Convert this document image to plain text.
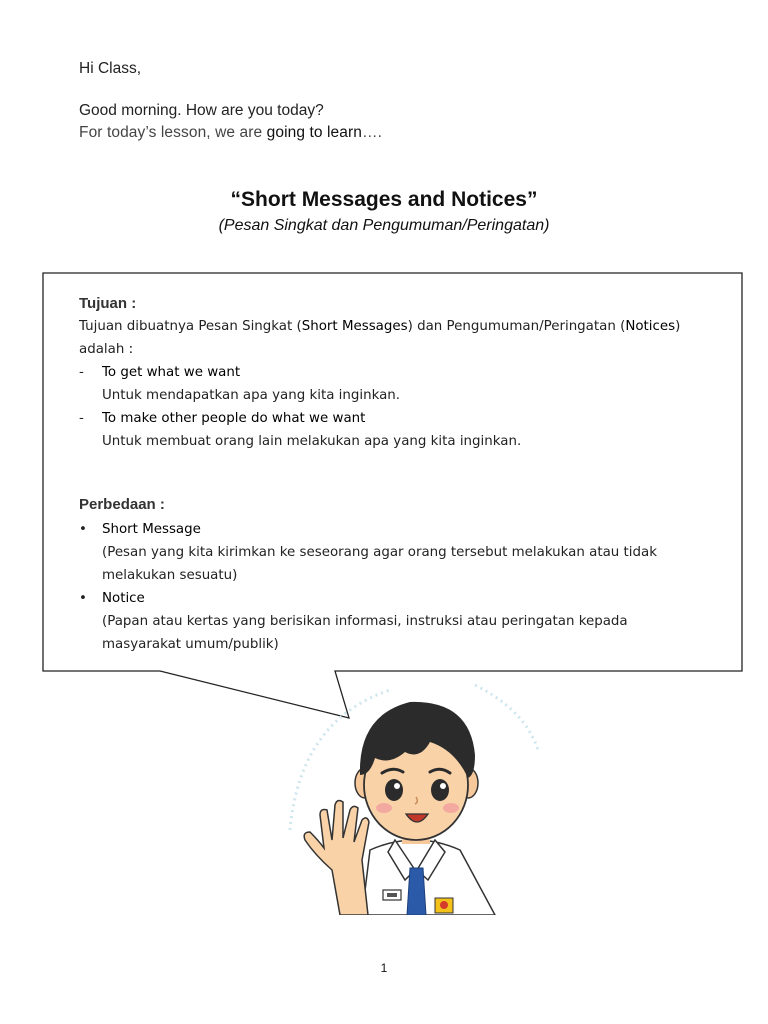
Hi Class,
Good morning. How are you today?
For today’s lesson, we are going to learn….
“Short Messages and Notices”
(Pesan Singkat dan Pengumuman/Peringatan)
Tujuan :
Tujuan dibuatnya Pesan Singkat (Short Messages) dan Pengumuman/Peringatan (Notices)
adalah :
-	To get what we want
Untuk mendapatkan apa yang kita inginkan.
-	To make other people do what we want
Untuk membuat orang lain melakukan apa yang kita inginkan.
Perbedaan :
•	Short Message
(Pesan yang kita kirimkan ke seseorang agar orang tersebut melakukan atau tidak
melakukan sesuatu)
•	Notice
(Papan atau kertas yang berisikan informasi, instruksi atau peringatan kepada
masyarakat umum/publik)
1
